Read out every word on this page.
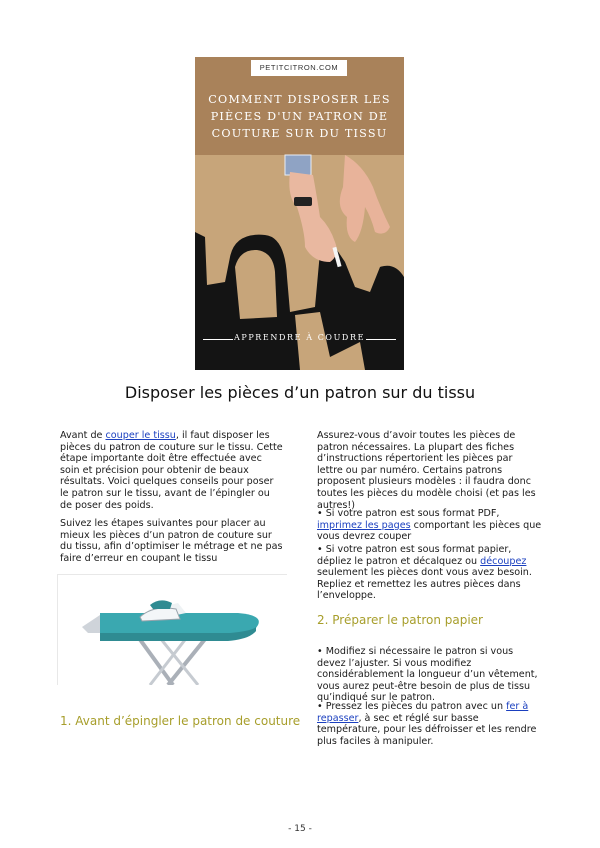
PETITCITRON.COM
COMMENT DISPOSER LES
PIÈCES D'UN PATRON DE
COUTURE SUR DU TISSU
APPRENDRE À COUDRE
Disposer les pièces d’un patron sur du tissu

Avant de couper le tissu, il faut disposer les pièces du patron de couture sur le tissu. Cette étape importante doit être effectuée avec soin et précision pour obtenir de beaux résultats. Voici quelques conseils pour poser le patron sur le tissu, avant de l’épingler ou de poser des poids.

Suivez les étapes suivantes pour placer au mieux les pièces d’un patron de couture sur du tissu, afin d’optimiser le métrage et ne pas faire d’erreur en coupant le tissu

1. Avant d’épingler le patron de couture

Assurez-vous d’avoir toutes les pièces de patron nécessaires. La plupart des fiches d’instructions répertorient les pièces par lettre ou par numéro. Certains patrons proposent plusieurs modèles : il faudra donc toutes les pièces du modèle choisi (et pas les autres!)

• Si votre patron est sous format PDF, imprimez les pages comportant les pièces que vous devrez couper

• Si votre patron est sous format papier, dépliez le patron et décalquez ou découpez seulement les pièces dont vous avez besoin. Repliez et remettez les autres pièces dans l’enveloppe.

2. Préparer le patron papier

• Modifiez si nécessaire le patron si vous devez l’ajuster. Si vous modifiez considérablement la longueur d’un vêtement, vous aurez peut-être besoin de plus de tissu qu’indiqué sur le patron.

• Pressez les pièces du patron avec un fer à repasser, à sec et réglé sur basse température, pour les défroisser et les rendre plus faciles à manipuler.

- 15 -
